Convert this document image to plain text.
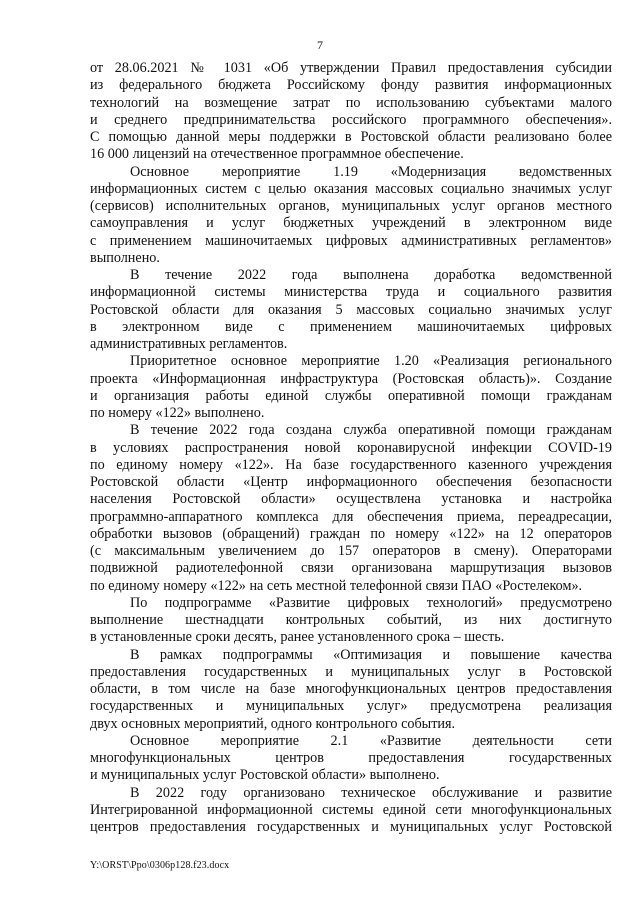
7
от 28.06.2021 № 1031 «Об утверждении Правил предоставления субсидии
из федерального бюджета Российскому фонду развития информационных
технологий на возмещение затрат по использованию субъектами малого
и среднего предпринимательства российского программного обеспечения».
С помощью данной меры поддержки в Ростовской области реализовано более
16 000 лицензий на отечественное программное обеспечение.
Основное мероприятие 1.19 «Модернизация ведомственных
информационных систем с целью оказания массовых социально значимых услуг
(сервисов) исполнительных органов, муниципальных услуг органов местного
самоуправления и услуг бюджетных учреждений в электронном виде
с применением машиночитаемых цифровых административных регламентов»
выполнено.
В течение 2022 года выполнена доработка ведомственной
информационной системы министерства труда и социального развития
Ростовской области для оказания 5 массовых социально значимых услуг
в электронном виде с применением машиночитаемых цифровых
административных регламентов.
Приоритетное основное мероприятие 1.20 «Реализация регионального
проекта «Информационная инфраструктура (Ростовская область)». Создание
и организация работы единой службы оперативной помощи гражданам
по номеру «122» выполнено.
В течение 2022 года создана служба оперативной помощи гражданам
в условиях распространения новой коронавирусной инфекции COVID-19
по единому номеру «122». На базе государственного казенного учреждения
Ростовской области «Центр информационного обеспечения безопасности
населения Ростовской области» осуществлена установка и настройка
программно-аппаратного комплекса для обеспечения приема, переадресации,
обработки вызовов (обращений) граждан по номеру «122» на 12 операторов
(с максимальным увеличением до 157 операторов в смену). Операторами
подвижной радиотелефонной связи организована маршрутизация вызовов
по единому номеру «122» на сеть местной телефонной связи ПАО «Ростелеком».
По подпрограмме «Развитие цифровых технологий» предусмотрено
выполнение шестнадцати контрольных событий, из них достигнуто
в установленные сроки десять, ранее установленного срока – шесть.
В рамках подпрограммы «Оптимизация и повышение качества
предоставления государственных и муниципальных услуг в Ростовской
области, в том числе на базе многофункциональных центров предоставления
государственных и муниципальных услуг» предусмотрена реализация
двух основных мероприятий, одного контрольного события.
Основное мероприятие 2.1 «Развитие деятельности сети
многофункциональных центров предоставления государственных
и муниципальных услуг Ростовской области» выполнено.
В 2022 году организовано техническое обслуживание и развитие
Интегрированной информационной системы единой сети многофункциональных
центров предоставления государственных и муниципальных услуг Ростовской
Y:\ORST\Ppo\0306p128.f23.docx
